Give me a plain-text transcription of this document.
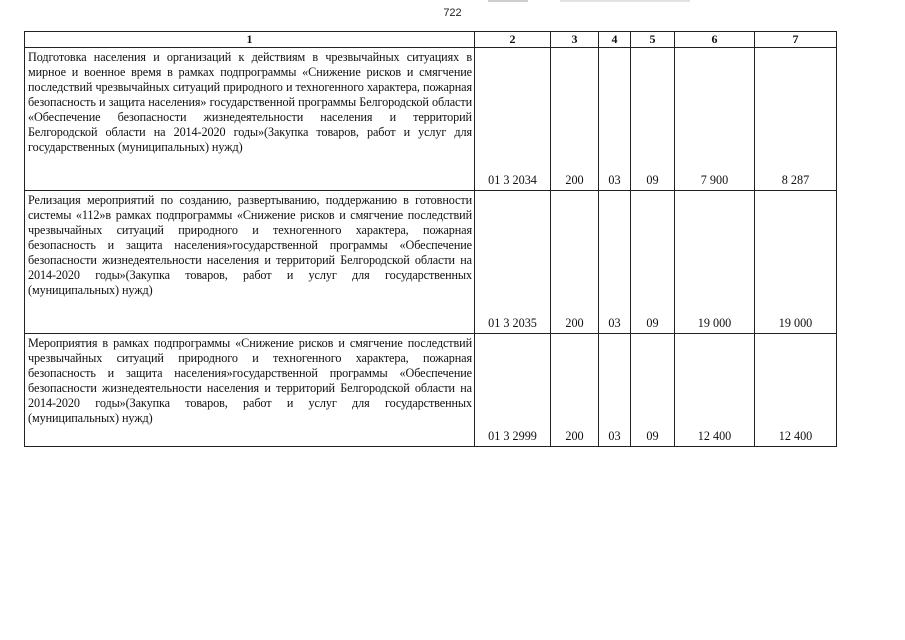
722
1	2	3	4	5	6	7
Подготовка населения и организаций к действиям в чрезвычайных ситуациях в мирное и военное время в рамках подпрограммы «Снижение рисков и смягчение последствий чрезвычайных ситуаций природного и техногенного характера, пожарная безопасность и защита населения» государственной программы Белгородской области «Обеспечение безопасности жизнедеятельности населения и территорий Белгородской области на 2014-2020 годы»(Закупка товаров, работ и услуг для государственных (муниципальных) нужд)	01 3 2034	200	03	09	7 900	8 287
Релизация мероприятий по созданию, развертыванию, поддержанию в готовности системы «112»в рамках подпрограммы «Снижение рисков и смягчение последствий чрезвычайных ситуаций природного и техногенного характера, пожарная безопасность и защита населения»государственной программы «Обеспечение безопасности жизнедеятельности населения и территорий Белгородской области на 2014-2020 годы»(Закупка товаров, работ и услуг для государственных (муниципальных) нужд)	01 3 2035	200	03	09	19 000	19 000
Мероприятия в рамках подпрограммы «Снижение рисков и смягчение последствий чрезвычайных ситуаций природного и техногенного характера, пожарная безопасность и защита населения»государственной программы «Обеспечение безопасности жизнедеятельности населения и территорий Белгородской области на 2014-2020 годы»(Закупка товаров, работ и услуг для государственных (муниципальных) нужд)	01 3 2999	200	03	09	12 400	12 400
